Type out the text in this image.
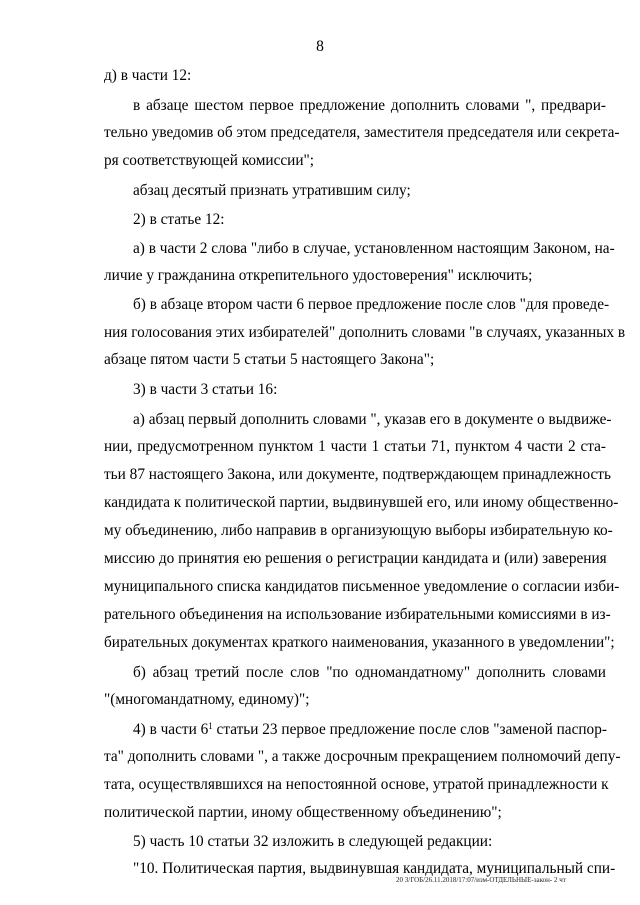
8
д) в части 12:
в абзаце шестом первое предложение дополнить словами ", предвари-
тельно уведомив об этом председателя, заместителя председателя или секрета-
ря соответствующей комиссии";
абзац десятый признать утратившим силу;
2) в статье 12:
а) в части 2 слова "либо в случае, установленном настоящим Законом, на-
личие у гражданина открепительного удостоверения" исключить;
б) в абзаце втором части 6 первое предложение после слов "для проведе-
ния голосования этих избирателей" дополнить словами "в случаях, указанных в
абзаце пятом части 5 статьи 5 настоящего Закона";
3) в части 3 статьи 16:
а) абзац первый дополнить словами ", указав его в документе о выдвиже-
нии, предусмотренном пунктом 1 части 1 статьи 71, пунктом 4 части 2 ста-
тьи 87 настоящего Закона, или документе, подтверждающем принадлежность
кандидата к политической партии, выдвинувшей его, или иному общественно-
му объединению, либо направив в организующую выборы избирательную ко-
миссию до принятия ею решения о регистрации кандидата и (или) заверения
муниципального списка кандидатов письменное уведомление о согласии изби-
рательного объединения на использование избирательными комиссиями в из-
бирательных документах краткого наименования, указанного в уведомлении";
б) абзац третий после слов "по одномандатному" дополнить словами
"(многомандатному, единому)";
4) в части $6^1$ статьи 23 первое предложение после слов "заменой паспор-
та" дополнить словами ", а также досрочным прекращением полномочий депу-
тата, осуществлявшихся на непостоянной основе, утратой принадлежности к
политической партии, иному общественному объединению";
5) часть 10 статьи 32 изложить в следующей редакции:
"10. Политическая партия, выдвинувшая кандидата, муниципальный спи-
20 3/ГОБ/26.11.2018/17:07/изм-ОТДЕЛЬНЫЕ-закон- 2 чт
